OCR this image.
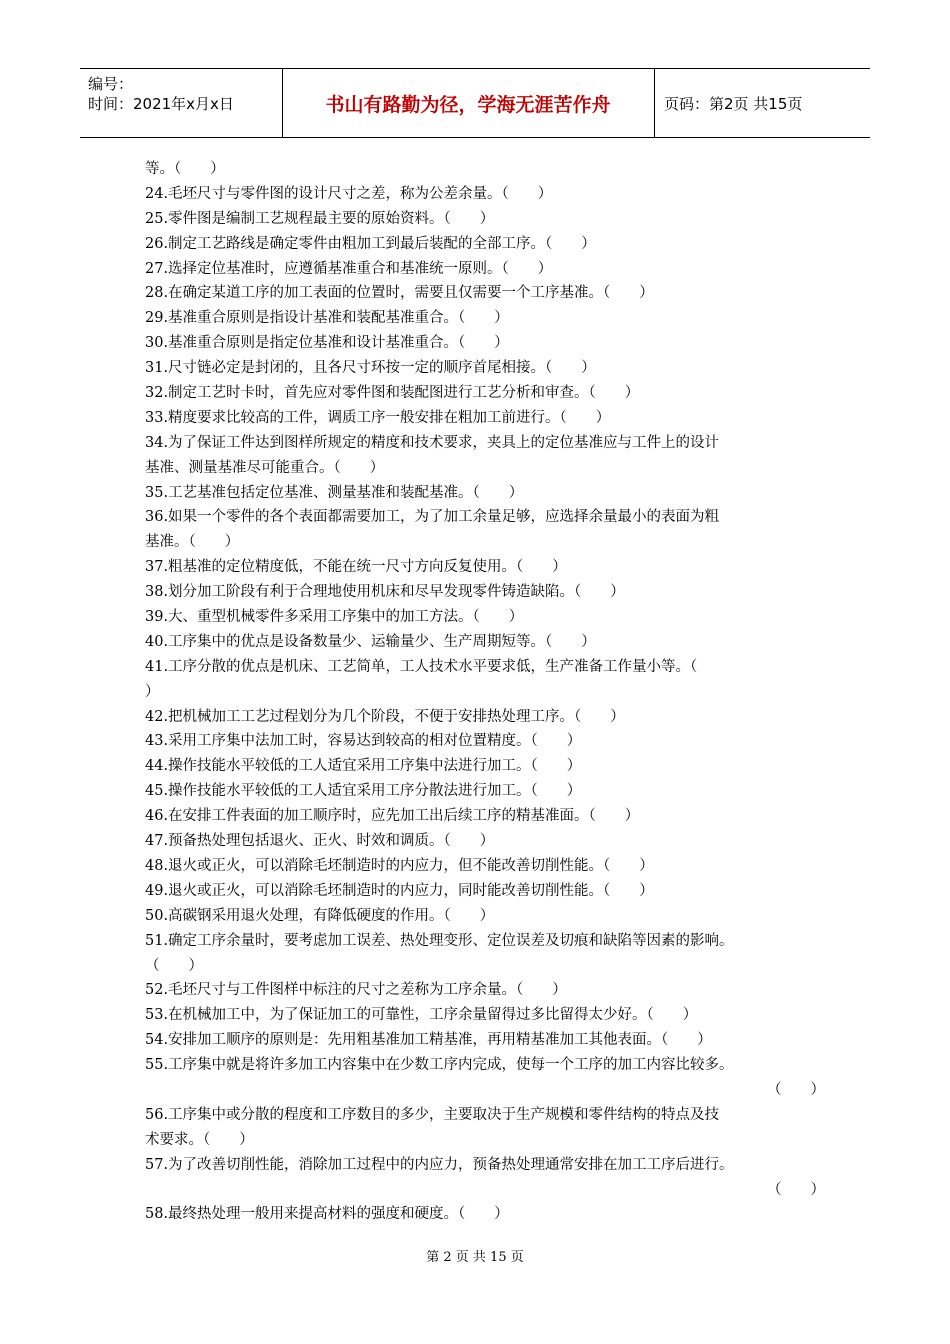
编号：
时间：2021年x月x日	书山有路勤为径，学海无涯苦作舟	页码：第2页 共15页
等。（　　）
24.毛坯尺寸与零件图的设计尺寸之差，称为公差余量。（　　）
25.零件图是编制工艺规程最主要的原始资料。（　　）
26.制定工艺路线是确定零件由粗加工到最后装配的全部工序。（　　）
27.选择定位基准时，应遵循基准重合和基准统一原则。（　　）
28.在确定某道工序的加工表面的位置时，需要且仅需要一个工序基准。（　　）
29.基准重合原则是指设计基准和装配基准重合。（　　）
30.基准重合原则是指定位基准和设计基准重合。（　　）
31.尺寸链必定是封闭的，且各尺寸环按一定的顺序首尾相接。（　　）
32.制定工艺时卡时，首先应对零件图和装配图进行工艺分析和审查。（　　）
33.精度要求比较高的工件，调质工序一般安排在粗加工前进行。（　　）
34.为了保证工件达到图样所规定的精度和技术要求，夹具上的定位基准应与工件上的设计
基准、测量基准尽可能重合。（　　）
35.工艺基准包括定位基准、测量基准和装配基准。（　　）
36.如果一个零件的各个表面都需要加工，为了加工余量足够，应选择余量最小的表面为粗
基准。（　　）
37.粗基准的定位精度低，不能在统一尺寸方向反复使用。（　　）
38.划分加工阶段有利于合理地使用机床和尽早发现零件铸造缺陷。（　　）
39.大、重型机械零件多采用工序集中的加工方法。（　　）
40.工序集中的优点是设备数量少、运输量少、生产周期短等。（　　）
41.工序分散的优点是机床、工艺简单，工人技术水平要求低，生产准备工作量小等。（
）
42.把机械加工工艺过程划分为几个阶段，不便于安排热处理工序。（　　）
43.采用工序集中法加工时，容易达到较高的相对位置精度。（　　）
44.操作技能水平较低的工人适宜采用工序集中法进行加工。（　　）
45.操作技能水平较低的工人适宜采用工序分散法进行加工。（　　）
46.在安排工件表面的加工顺序时，应先加工出后续工序的精基准面。（　　）
47.预备热处理包括退火、正火、时效和调质。（　　）
48.退火或正火，可以消除毛坯制造时的内应力，但不能改善切削性能。（　　）
49.退火或正火，可以消除毛坯制造时的内应力，同时能改善切削性能。（　　）
50.高碳钢采用退火处理，有降低硬度的作用。（　　）
51.确定工序余量时，要考虑加工误差、热处理变形、定位误差及切痕和缺陷等因素的影响。
（　　）
52.毛坯尺寸与工件图样中标注的尺寸之差称为工序余量。（　　）
53.在机械加工中，为了保证加工的可靠性，工序余量留得过多比留得太少好。（　　）
54.安排加工顺序的原则是：先用粗基准加工精基准，再用精基准加工其他表面。（　　）
55.工序集中就是将许多加工内容集中在少数工序内完成，使每一个工序的加工内容比较多。
（　　）
56.工序集中或分散的程度和工序数目的多少，主要取决于生产规模和零件结构的特点及技
术要求。（　　）
57.为了改善切削性能，消除加工过程中的内应力，预备热处理通常安排在加工工序后进行。
（　　）
58.最终热处理一般用来提高材料的强度和硬度。（　　）
第 2 页 共 15 页
